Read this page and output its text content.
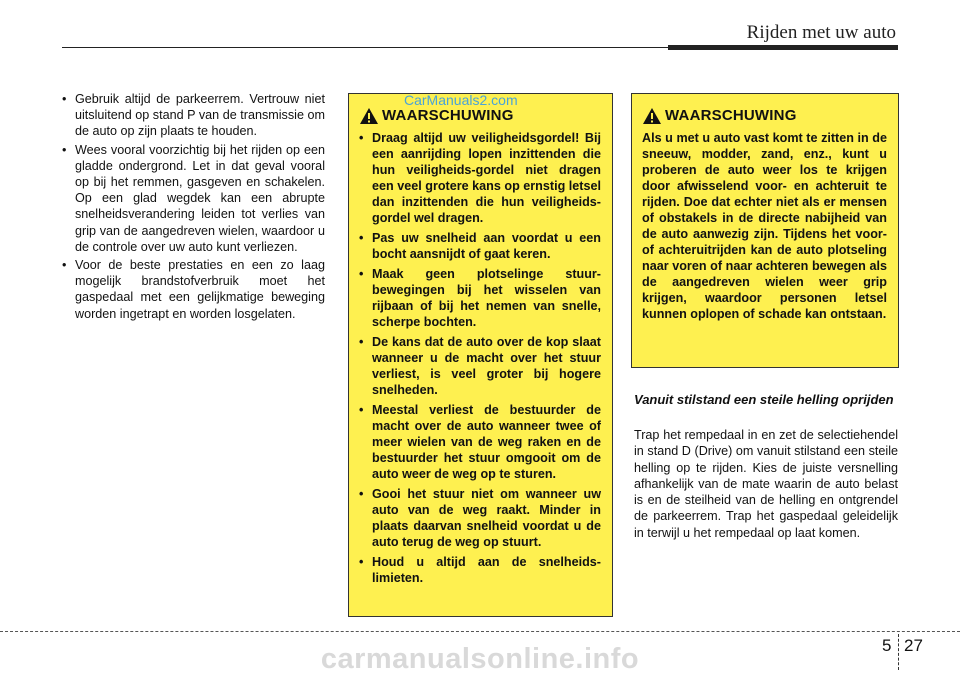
Rijden met uw auto
• Gebruik altijd de parkeerrem. Vertrouw niet uitsluitend op stand P van de transmissie om de auto op zijn plaats te houden.
• Wees vooral voorzichtig bij het rijden op een gladde ondergrond. Let in dat geval vooral op bij het remmen, gasgeven en schakelen. Op een glad wegdek kan een abrupte snelheidsverandering leiden tot verlies van grip van de aangedreven wielen, waardoor u de controle over uw auto kunt verliezen.
• Voor de beste prestaties en een zo laag mogelijk brandstofverbruik moet het gaspedaal met een gelijkmatige beweging worden ingetrapt en worden losgelaten.
WAARSCHUWING
• Draag altijd uw veiligheidsgordel! Bij een aanrijding lopen inzittenden die hun veiligheids-gordel niet dragen een veel grotere kans op ernstig letsel dan inzittenden die hun veiligheids-gordel wel dragen.
• Pas uw snelheid aan voordat u een bocht aansnijdt of gaat keren.
• Maak geen plotselinge stuur-bewegingen bij het wisselen van rijbaan of bij het nemen van snelle, scherpe bochten.
• De kans dat de auto over de kop slaat wanneer u de macht over het stuur verliest, is veel groter bij hogere snelheden.
• Meestal verliest de bestuurder de macht over de auto wanneer twee of meer wielen van de weg raken en de bestuurder het stuur omgooit om de auto weer de weg op te sturen.
• Gooi het stuur niet om wanneer uw auto van de weg raakt. Minder in plaats daarvan snelheid voordat u de auto terug de weg op stuurt.
• Houd u altijd aan de snelheids-limieten.
CarManuals2.com
WAARSCHUWING

Als u met u auto vast komt te zitten in de sneeuw, modder, zand, enz., kunt u proberen de auto weer los te krijgen door afwisselend voor- en achteruit te rijden. Doe dat echter niet als er mensen of obstakels in de directe nabijheid van de auto aanwezig zijn. Tijdens het voor- of achteruitrijden kan de auto plotseling naar voren of naar achteren bewegen als de aangedreven wielen weer grip krijgen, waardoor personen letsel kunnen oplopen of schade kan ontstaan.

Vanuit stilstand een steile helling oprijden

Trap het rempedaal in en zet de selectiehendel in stand D (Drive) om vanuit stilstand een steile helling op te rijden. Kies de juiste versnelling afhankelijk van de mate waarin de auto belast is en de steilheid van de helling en ontgrendel de parkeerrem. Trap het gaspedaal geleidelijk in terwijl u het rempedaal op laat komen.

5 27
carmanualsonline.info
